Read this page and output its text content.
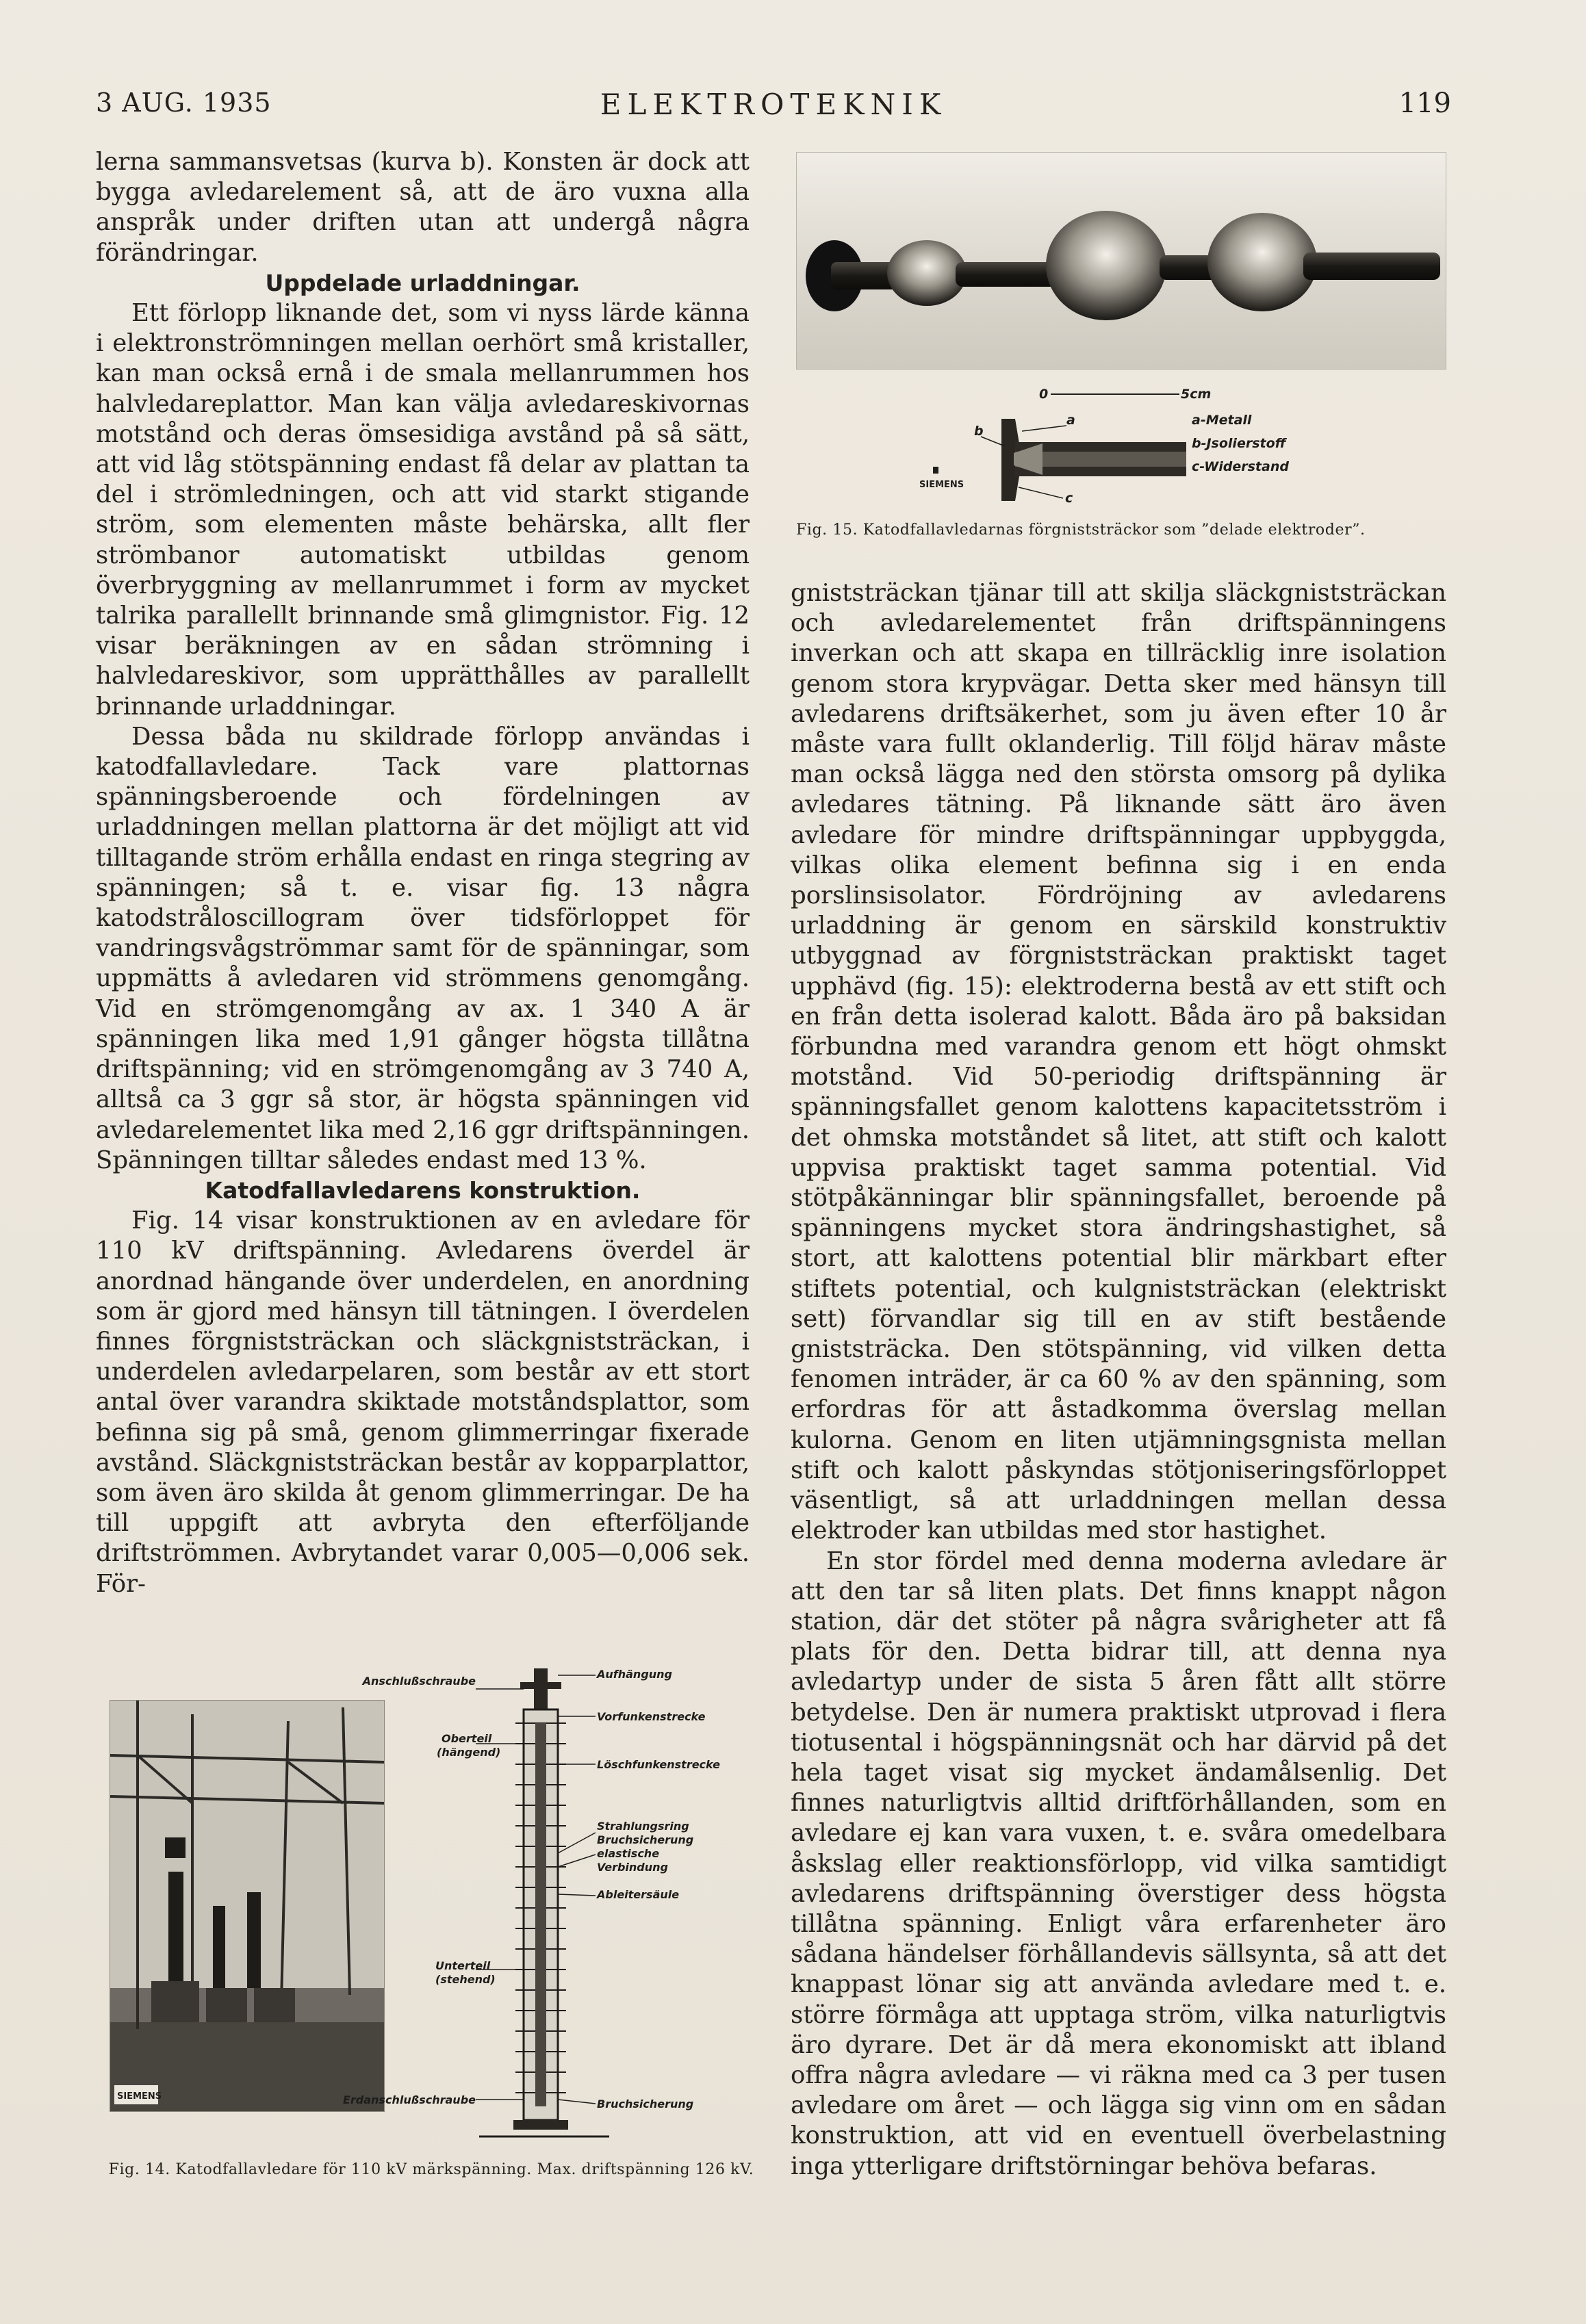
3 AUG. 1935	ELEKTROTEKNIK	119

lerna sammansvetsas (kurva b). Konsten är dock att bygga avledarelement så, att de äro vuxna alla anspråk under driften utan att undergå några förändringar.

Uppdelade urladdningar.

Ett förlopp liknande det, som vi nyss lärde känna i elektronströmningen mellan oerhört små kristaller, kan man också ernå i de smala mellanrummen hos halvledareplattor. Man kan välja avledareskivornas motstånd och deras ömsesidiga avstånd på så sätt, att vid låg stötspänning endast få delar av plattan ta del i strömledningen, och att vid starkt stigande ström, som elementen måste behärska, allt fler strömbanor automatiskt utbildas genom överbryggning av mellanrummet i form av mycket talrika parallellt brinnande små glimgnistor. Fig. 12 visar beräkningen av en sådan strömning i halvledareskivor, som upprätthålles av parallellt brinnande urladdningar.

Dessa båda nu skildrade förlopp användas i katodfallavledare. Tack vare plattornas spänningsberoende och fördelningen av urladdningen mellan plattorna är det möjligt att vid tilltagande ström erhålla endast en ringa stegring av spänningen; så t. e. visar fig. 13 några katodstråloscillogram över tidsförloppet för vandringsvågströmmar samt för de spänningar, som uppmätts å avledaren vid strömmens genomgång. Vid en strömgenomgång av ax. 1 340 A är spänningen lika med 1,91 gånger högsta tillåtna driftspänning; vid en strömgenomgång av 3 740 A, alltså ca 3 ggr så stor, är högsta spänningen vid avledarelementet lika med 2,16 ggr driftspänningen. Spänningen tilltar således endast med 13 %.

Katodfallavledarens konstruktion.

Fig. 14 visar konstruktionen av en avledare för 110 kV driftspänning. Avledarens överdel är anordnad hängande över underdelen, en anordning som är gjord med hänsyn till tätningen. I överdelen finnes förgniststräckan och släckgniststräckan, i underdelen avledarpelaren, som består av ett stort antal över varandra skiktade motståndsplattor, som befinna sig på små, genom glimmerringar fixerade avstånd. Släckgniststräckan består av kopparplattor, som även äro skilda åt genom glimmerringar. De ha till uppgift att avbryta den efterföljande driftströmmen. Avbrytandet varar 0,005—0,006 sek. För-

0	5cm
a
b
c
a-Metall
b-Jsolierstoff
c-Widerstand
SIEMENS
Fig. 15. Katodfallavledarnas förgniststräckor som ”delade elektroder”.

gniststräckan tjänar till att skilja släckgniststräckan och avledarelementet från driftspänningens inverkan och att skapa en tillräcklig inre isolation genom stora krypvägar. Detta sker med hänsyn till avledarens driftsäkerhet, som ju även efter 10 år måste vara fullt oklanderlig. Till följd härav måste man också lägga ned den största omsorg på dylika avledares tätning. På liknande sätt äro även avledare för mindre driftspänningar uppbyggda, vilkas olika element befinna sig i en enda porslinsisolator. Fördröjning av avledarens urladdning är genom en särskild konstruktiv utbyggnad av förgniststräckan praktiskt taget upphävd (fig. 15): elektroderna bestå av ett stift och en från detta isolerad kalott. Båda äro på baksidan förbundna med varandra genom ett högt ohmskt motstånd. Vid 50-periodig driftspänning är spänningsfallet genom kalottens kapacitetsström i det ohmska motståndet så litet, att stift och kalott uppvisa praktiskt taget samma potential. Vid stötpåkänningar blir spänningsfallet, beroende på spänningens mycket stora ändringshastighet, så stort, att kalottens potential blir märkbart efter stiftets potential, och kulgniststräckan (elektriskt sett) förvandlar sig till en av stift bestående gniststräcka. Den stötspänning, vid vilken detta fenomen inträder, är ca 60 % av den spänning, som erfordras för att åstadkomma överslag mellan kulorna. Genom en liten utjämningsgnista mellan stift och kalott påskyndas stötjoniseringsförloppet väsentligt, så att urladdningen mellan dessa elektroder kan utbildas med stor hastighet.

En stor fördel med denna moderna avledare är att den tar så liten plats. Det finns knappt någon station, där det stöter på några svårigheter att få plats för den. Detta bidrar till, att denna nya avledartyp under de sista 5 åren fått allt större betydelse. Den är numera praktiskt utprovad i flera tiotusental i högspänningsnät och har därvid på det hela taget visat sig mycket ändamålsenlig. Det finnes naturligtvis alltid driftförhållanden, som en avledare ej kan vara vuxen, t. e. svåra omedelbara åskslag eller reaktionsförlopp, vid vilka samtidigt avledarens driftspänning överstiger dess högsta tillåtna spänning. Enligt våra erfarenheter äro sådana händelser förhållandevis sällsynta, så att det knappast lönar sig att använda avledare med t. e. större förmåga att upptaga ström, vilka naturligtvis äro dyrare. Det är då mera ekonomiskt att ibland offra några avledare — vi räkna med ca 3 per tusen avledare om året — och lägga sig vinn om en sådan konstruktion, att vid en eventuell överbelastning inga ytterligare driftstörningar behöva befaras.

SIEMENS
Anschlußschraube
Aufhängung
Vorfunkenstrecke
Oberteil
(hängend)
Löschfunkenstrecke
Strahlungsring
Bruchsicherung
elastische
Verbindung
Ableitersäule
Unterteil
(stehend)
Erdanschlußschraube	Bruchsicherung
Fig. 14. Katodfallavledare för 110 kV märkspänning. Max. driftspänning 126 kV.
